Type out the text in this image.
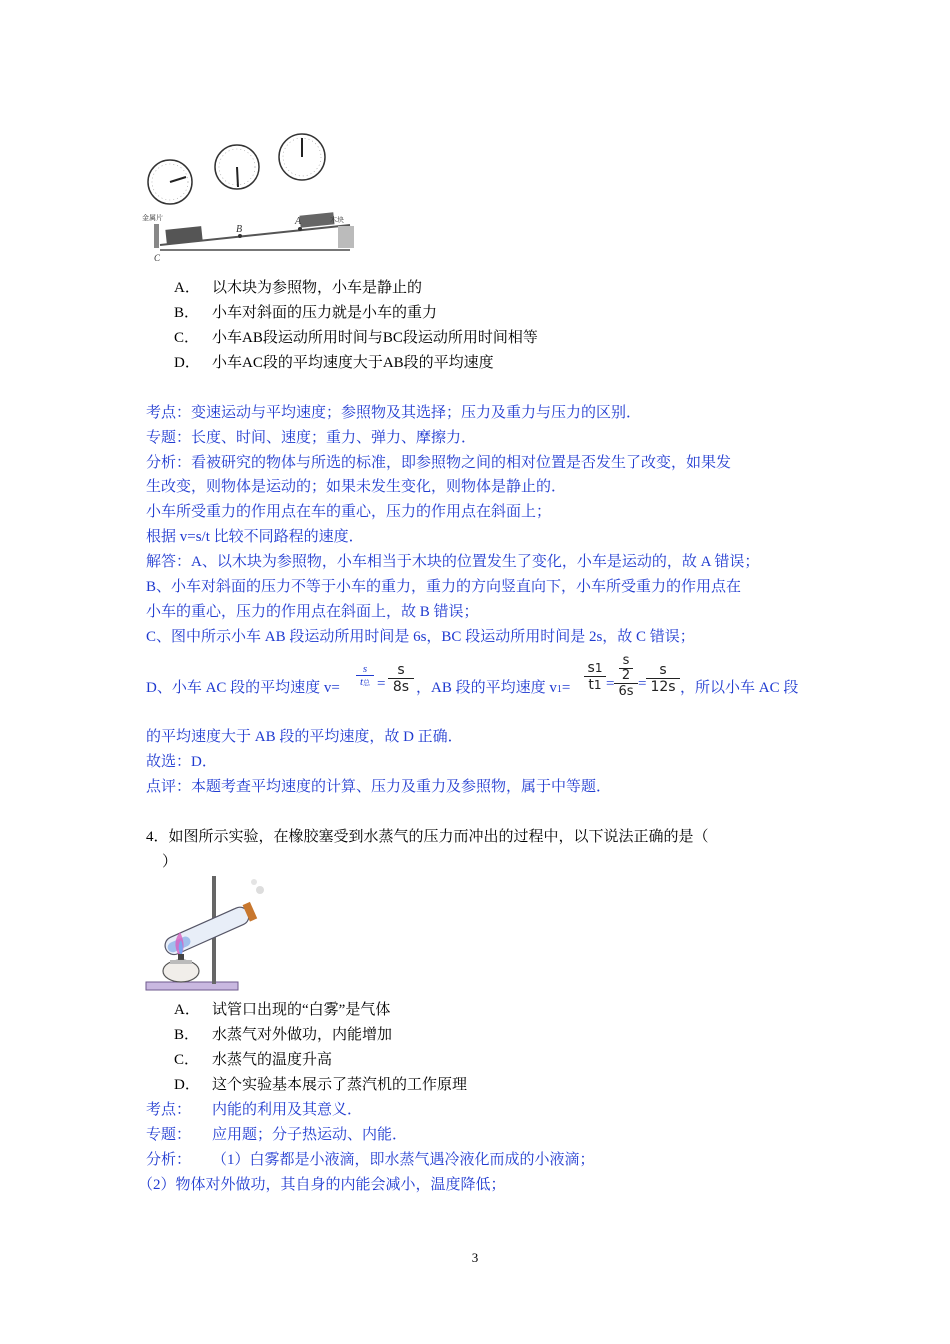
B
A
C
金属片	木块
A． 以木块为参照物，小车是静止的
B． 小车对斜面的压力就是小车的重力
C． 小车AB段运动所用时间与BC段运动所用时间相等
D． 小车AC段的平均速度大于AB段的平均速度
考点：变速运动与平均速度；参照物及其选择；压力及重力与压力的区别．
专题：长度、时间、速度；重力、弹力、摩擦力．
分析：看被研究的物体与所选的标准，即参照物之间的相对位置是否发生了改变，如果发
生改变，则物体是运动的；如果未发生变化，则物体是静止的．
小车所受重力的作用点在车的重心，压力的作用点在斜面上；
根据 v=s/t 比较不同路程的速度．
解答：A、以木块为参照物，小车相当于木块的位置发生了变化，小车是运动的，故 A 错误；
B、小车对斜面的压力不等于小车的重力，重力的方向竖直向下，小车所受重力的作用点在
小车的重心，压力的作用点在斜面上，故 B 错误；
C、图中所示小车 AB 段运动所用时间是 6s，BC 段运动所用时间是 2s，故 C 错误；
D、小车 AC 段的平均速度 v=
s
t总 =
s
8s ，AB 段的平均速度 v1=
s1
t1 =
s
2
6s =
s
12s ，所以小车 AC 段
的平均速度大于 AB 段的平均速度，故 D 正确．
故选：D．
点评：本题考查平均速度的计算、压力及重力及参照物，属于中等题．
4．如图所示实验，在橡胶塞受到水蒸气的压力而冲出的过程中，以下说法正确的是（
）
A． 试管口出现的“白雾”是气体
B． 水蒸气对外做功，内能增加
C． 水蒸气的温度升高
D． 这个实验基本展示了蒸汽机的工作原理
考点： 内能的利用及其意义．
专题： 应用题；分子热运动、内能．
分析： （1）白雾都是小液滴，即水蒸气遇冷液化而成的小液滴；
（2）物体对外做功，其自身的内能会减小，温度降低；
3
